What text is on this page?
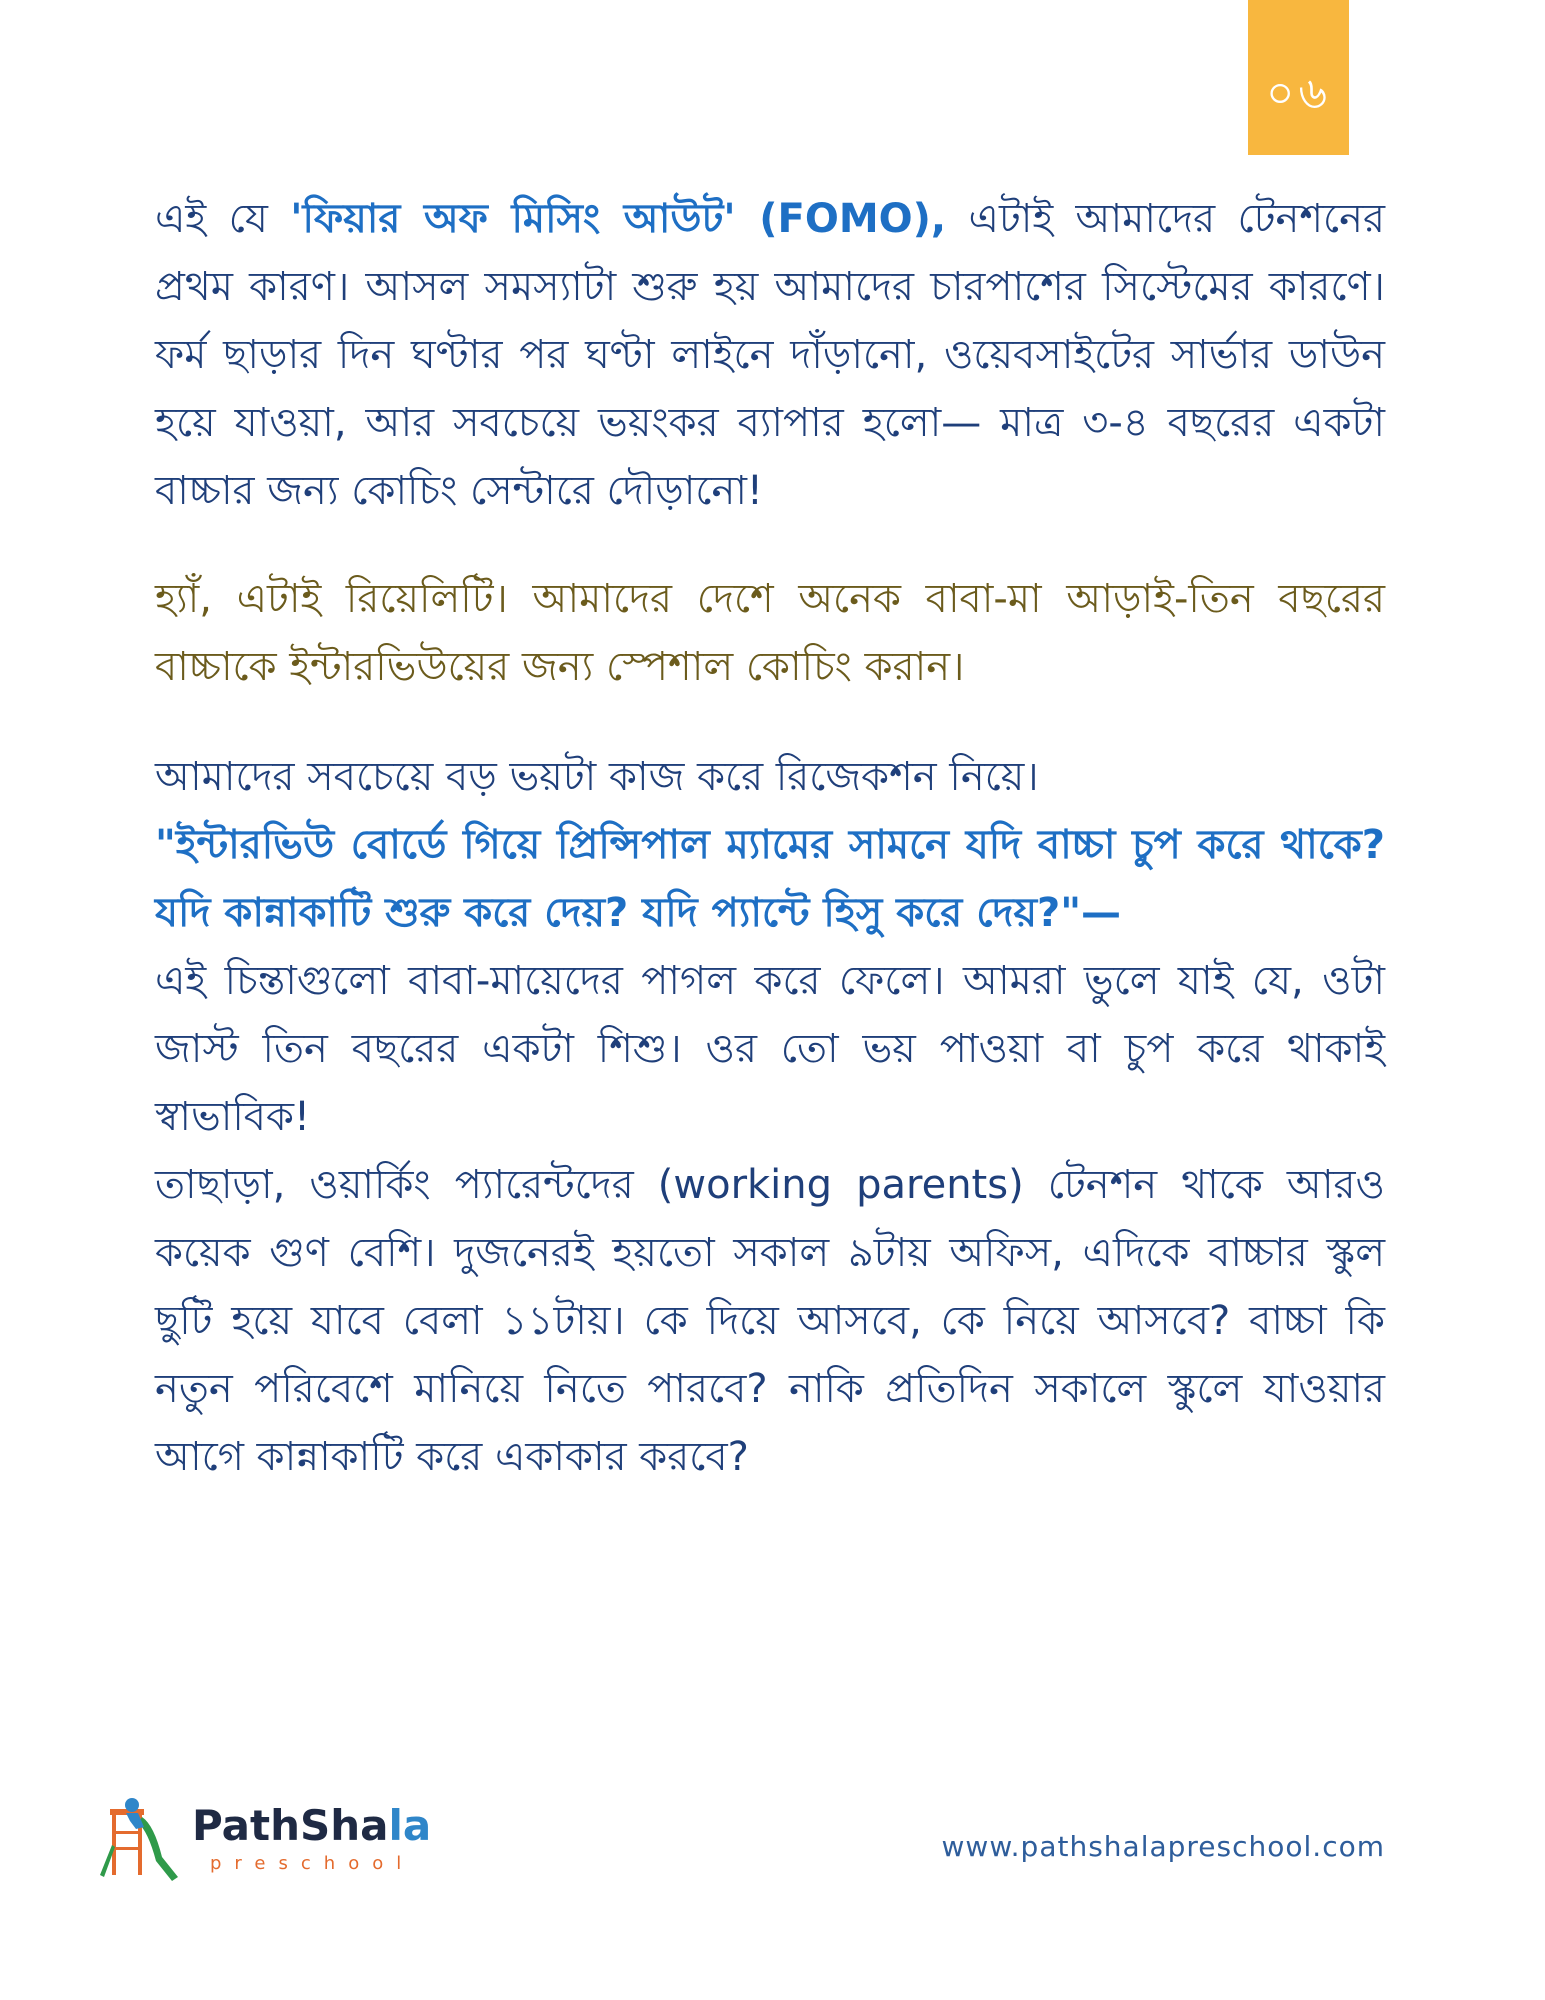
০৬

এই যে 'ফিয়ার অফ মিসিং আউট' (FOMO), এটাই আমাদের টেনশনের প্রথম কারণ। আসল সমস্যাটা শুরু হয় আমাদের চারপাশের সিস্টেমের কারণে। ফর্ম ছাড়ার দিন ঘণ্টার পর ঘণ্টা লাইনে দাঁড়ানো, ওয়েবসাইটের সার্ভার ডাউন হয়ে যাওয়া, আর সবচেয়ে ভয়ংকর ব্যাপার হলো— মাত্র ৩-৪ বছরের একটা বাচ্চার জন্য কোচিং সেন্টারে দৌড়ানো!

হ্যাঁ, এটাই রিয়েলিটি। আমাদের দেশে অনেক বাবা-মা আড়াই-তিন বছরের বাচ্চাকে ইন্টারভিউয়ের জন্য স্পেশাল কোচিং করান।

আমাদের সবচেয়ে বড় ভয়টা কাজ করে রিজেকশন নিয়ে।

"ইন্টারভিউ বোর্ডে গিয়ে প্রিন্সিপাল ম্যামের সামনে যদি বাচ্চা চুপ করে থাকে? যদি কান্নাকাটি শুরু করে দেয়? যদি প্যান্টে হিসু করে দেয়?"—

এই চিন্তাগুলো বাবা-মায়েদের পাগল করে ফেলে। আমরা ভুলে যাই যে, ওটা জাস্ট তিন বছরের একটা শিশু। ওর তো ভয় পাওয়া বা চুপ করে থাকাই স্বাভাবিক!

তাছাড়া, ওয়ার্কিং প্যারেন্টদের (working parents) টেনশন থাকে আরও কয়েক গুণ বেশি। দুজনেরই হয়তো সকাল ৯টায় অফিস, এদিকে বাচ্চার স্কুল ছুটি হয়ে যাবে বেলা ১১টায়। কে দিয়ে আসবে, কে নিয়ে আসবে? বাচ্চা কি নতুন পরিবেশে মানিয়ে নিতে পারবে? নাকি প্রতিদিন সকালে স্কুলে যাওয়ার আগে কান্নাকাটি করে একাকার করবে?

PathShala
preschool
www.pathshalapreschool.com
